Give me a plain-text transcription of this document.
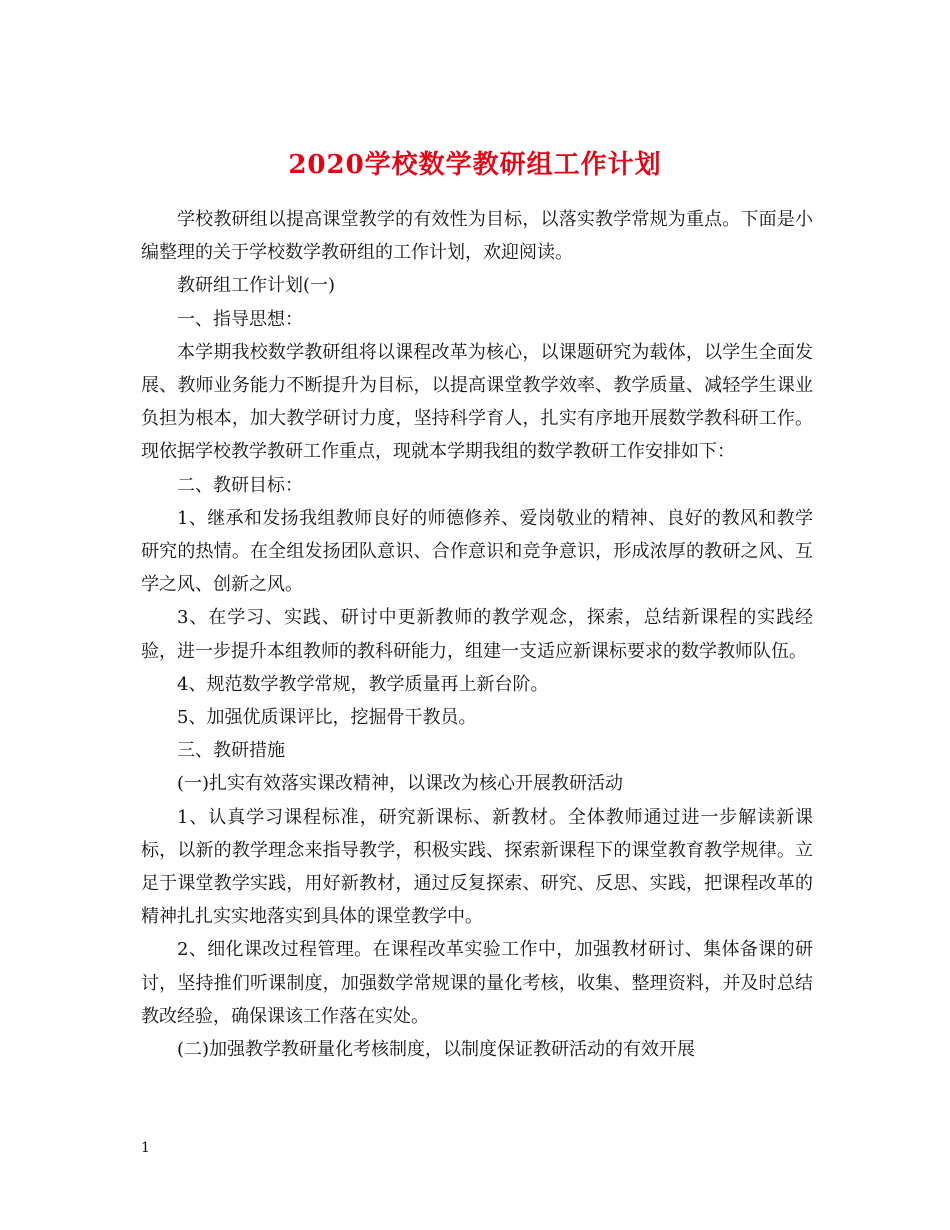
2020学校数学教研组工作计划

学校教研组以提高课堂教学的有效性为目标，以落实教学常规为重点。下面是小编整理的关于学校数学教研组的工作计划，欢迎阅读。

教研组工作计划(一)

一、指导思想：

本学期我校数学教研组将以课程改革为核心，以课题研究为载体，以学生全面发展、教师业务能力不断提升为目标，以提高课堂教学效率、教学质量、减轻学生课业负担为根本，加大教学研讨力度，坚持科学育人，扎实有序地开展数学教科研工作。现依据学校教学教研工作重点，现就本学期我组的数学教研工作安排如下：

二、教研目标：

1、继承和发扬我组教师良好的师德修养、爱岗敬业的精神、良好的教风和教学研究的热情。在全组发扬团队意识、合作意识和竞争意识，形成浓厚的教研之风、互学之风、创新之风。

3、在学习、实践、研讨中更新教师的教学观念，探索，总结新课程的实践经验，进一步提升本组教师的教科研能力，组建一支适应新课标要求的数学教师队伍。

4、规范数学教学常规，教学质量再上新台阶。

5、加强优质课评比，挖掘骨干教员。

三、教研措施

(一)扎实有效落实课改精神，以课改为核心开展教研活动

1、认真学习课程标准，研究新课标、新教材。全体教师通过进一步解读新课标，以新的教学理念来指导教学，积极实践、探索新课程下的课堂教育教学规律。立足于课堂教学实践，用好新教材，通过反复探索、研究、反思、实践，把课程改革的精神扎扎实实地落实到具体的课堂教学中。

2、细化课改过程管理。在课程改革实验工作中，加强教材研讨、集体备课的研讨，坚持推们听课制度，加强数学常规课的量化考核，收集、整理资料，并及时总结教改经验，确保课该工作落在实处。

(二)加强教学教研量化考核制度，以制度保证教研活动的有效开展

1
